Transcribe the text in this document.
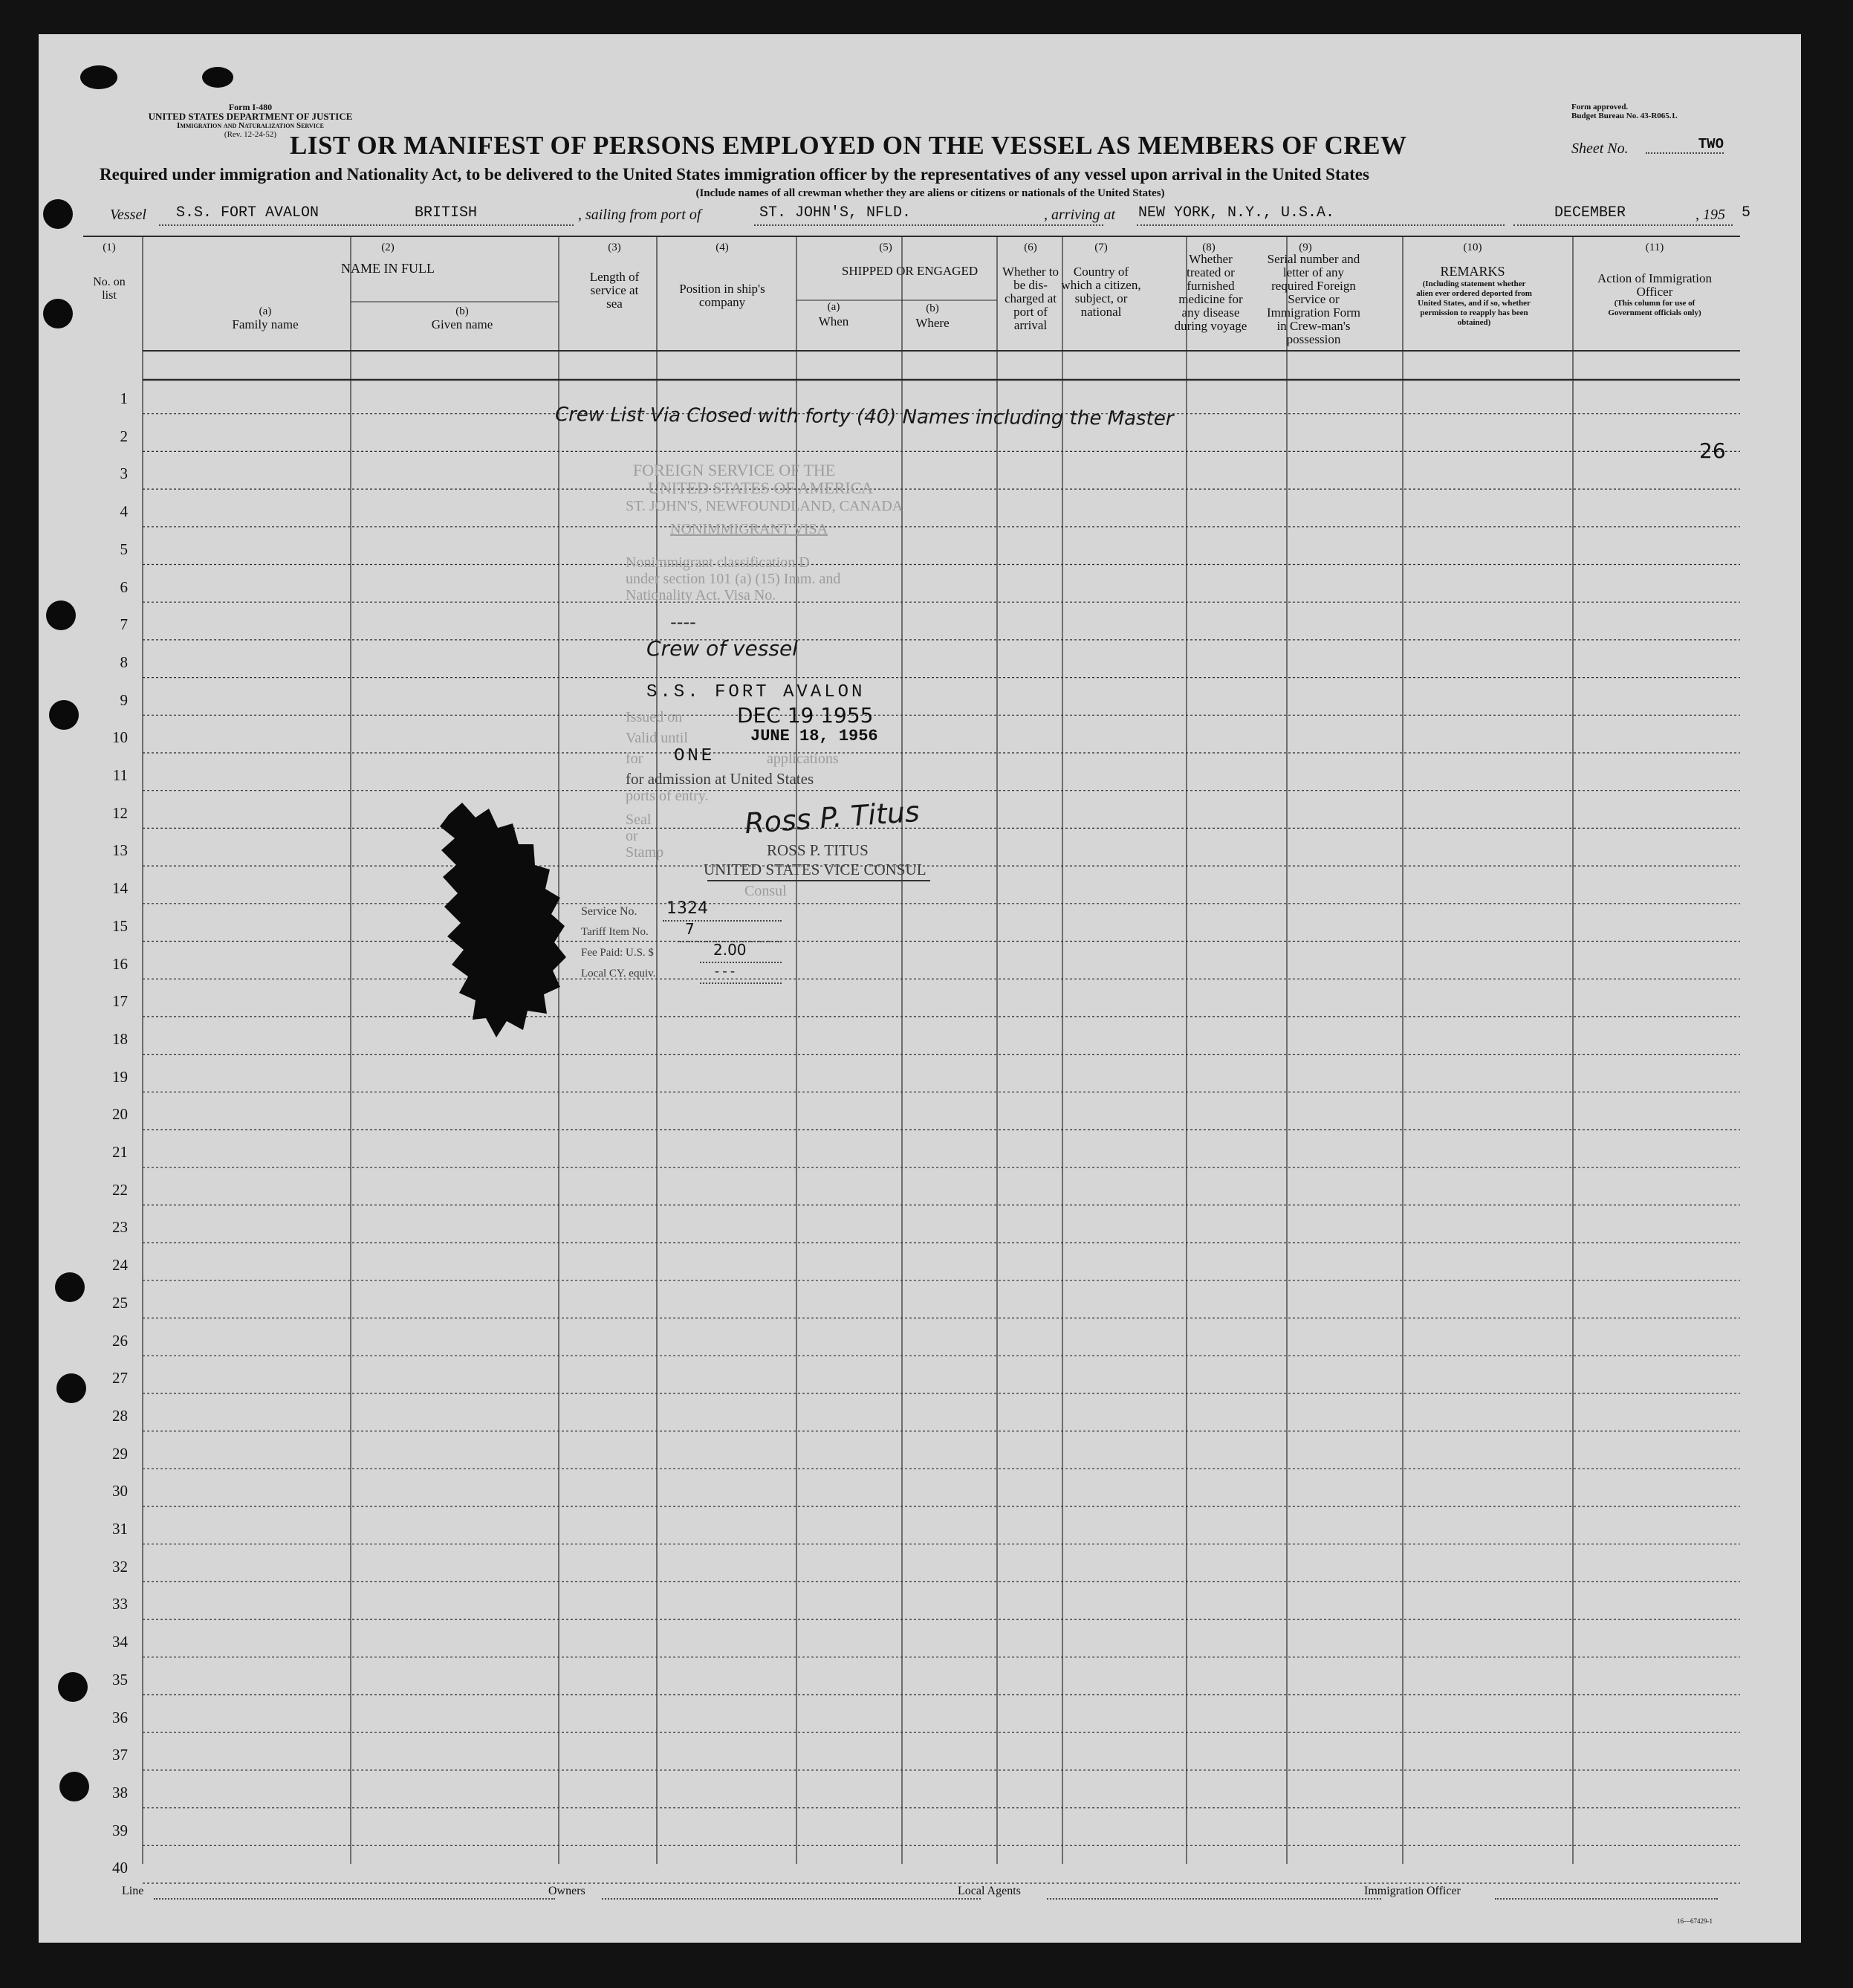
Form I-480
UNITED STATES DEPARTMENT OF JUSTICE
Immigration and Naturalization Service
(Rev. 12-24-52)
Form approved.
Budget Bureau No. 43-R065.1.
LIST OR MANIFEST OF PERSONS EMPLOYED ON THE VESSEL AS MEMBERS OF CREW	Sheet No.	TWO
Required under immigration and Nationality Act, to be delivered to the United States immigration officer by the representatives of any vessel upon arrival in the United States
(Include names of all crewman whether they are aliens or citizens or nationals of the United States)
Vessel S.S. FORT AVALON	BRITISH	, sailing from port of	ST. JOHN'S, NFLD.	, arriving at NEW YORK, N.Y., U.S.A.	DECEMBER	, 195 5
(1)
No. on list
(2)
NAME IN FULL
(a)
Family name
(b)
Given name
(3)
Length of service at sea
(4)
Position in ship's company
(5)
SHIPPED OR ENGAGED
(a)
When
(b)
Where
(6)
Whether to be dis-charged at port of arrival
(7)
Country of which a citizen, subject, or national
(8)
Whether treated or furnished medicine for any disease during voyage
(9)
Serial number and letter of any required Foreign Service or Immigration Form in Crew-man's possession
(10)
REMARKS
(Including statement whether alien ever ordered deported from United States, and if so, whether permission to reapply has been obtained)
(11)
Action of Immigration Officer
(This column for use of Government officials only)
1
2
3
4
5
6
7
8
9
10
11
12
13
14
15
16
17
18
19
20
21
22
23
24
25
26
27
28
29
30
31
32
33
34
35
36
37
38
39
40
Crew List Via Closed with forty (40) Names including the Master
26
FOREIGN SERVICE OF THE
UNITED STATES OF AMERICA
ST. JOHN'S, NEWFOUNDLAND, CANADA
NONIMMIGRANT VISA
Nonimmigrant classification D
under section 101 (a) (15) Imm. and
Nationality Act. Visa No.
----
Crew of vessel
S.S. FORT AVALON
Issued on	DEC 19 1955
Valid until	JUNE 18, 1956
for ONE	applications
for admission at United States
ports of entry.
Seal
or
Stamp
Ross P. Titus
ROSS P. TITUS
UNITED STATES VICE CONSUL
Consul
Service No. 1324
Tariff Item No. 7
Fee Paid: U.S. $	2.00
Local CY. equiv.	- - -
Line	Owners	Local Agents	Immigration Officer
16—67429-1
